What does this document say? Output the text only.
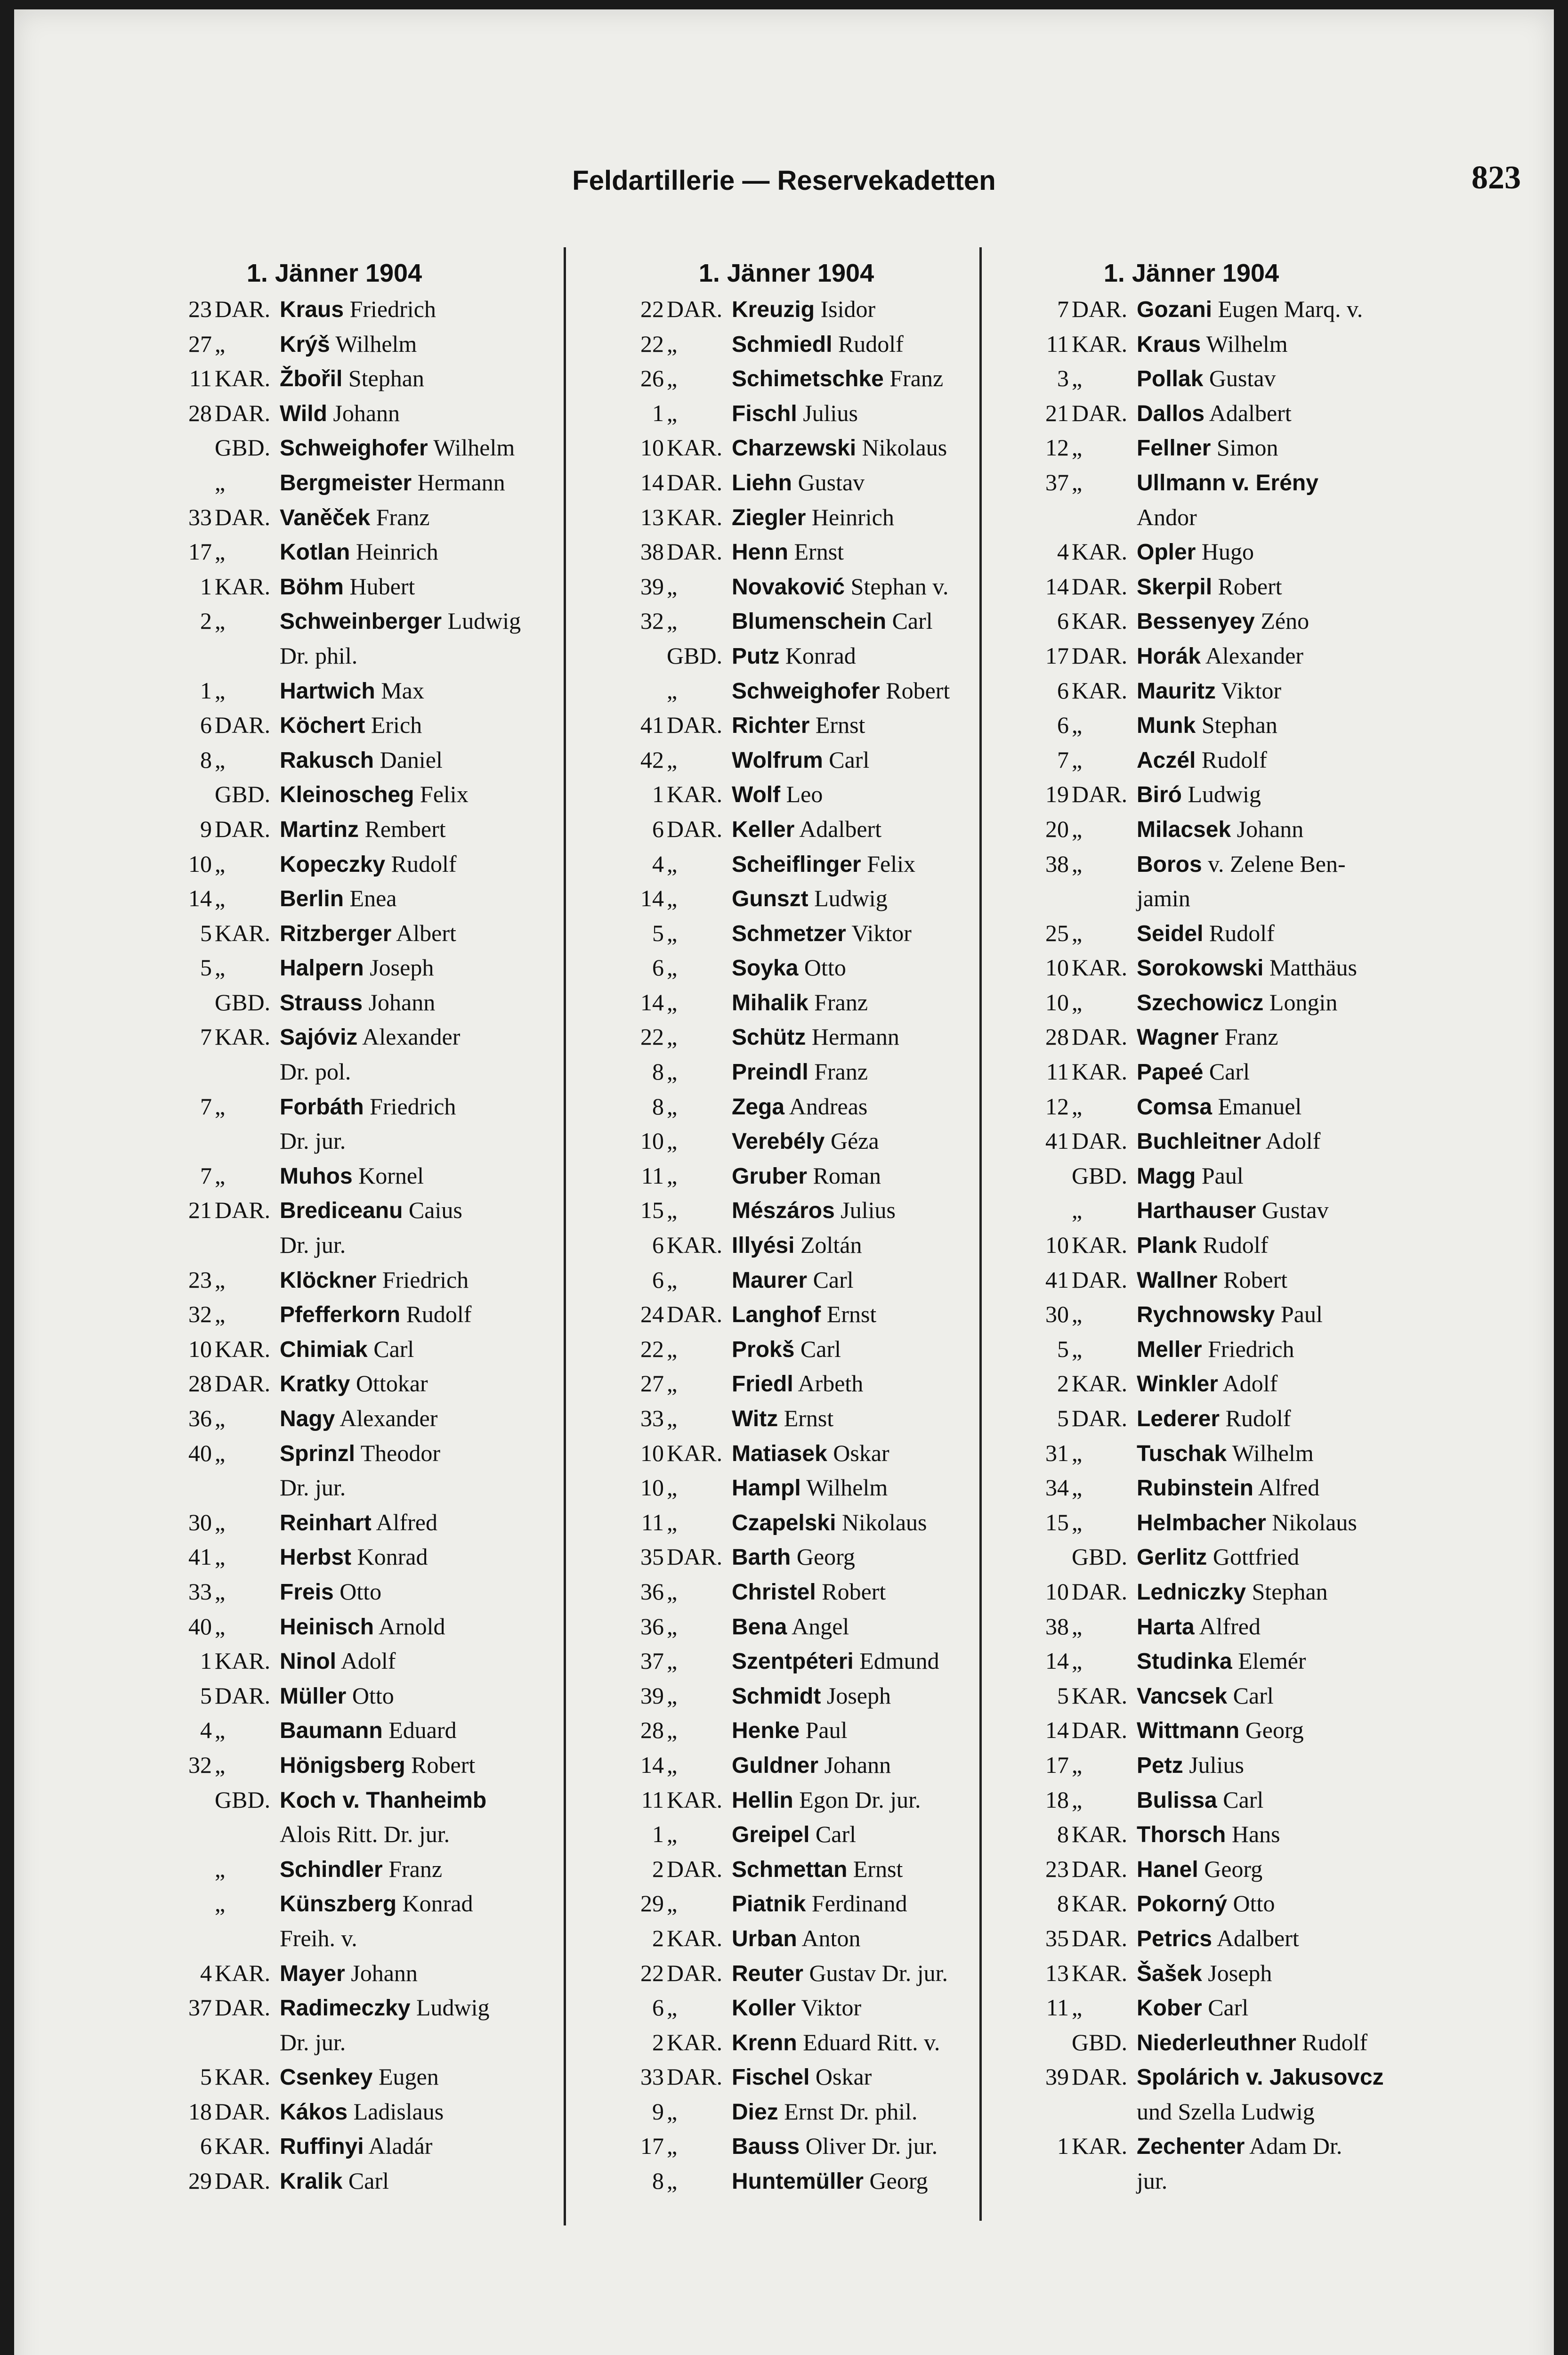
Feldartillerie — Reservekadetten	823
1. Jänner 1904
23 DAR. Kraus Friedrich
27 „ Krýš Wilhelm
11 KAR. Žbořil Stephan
28 DAR. Wild Johann
GBD. Schweighofer Wilhelm
„ Bergmeister Hermann
33 DAR. Vaněček Franz
17 „ Kotlan Heinrich
1 KAR. Böhm Hubert
2 „ Schweinberger Ludwig
Dr. phil.
1 „ Hartwich Max
6 DAR. Köchert Erich
8 „ Rakusch Daniel
GBD. Kleinoscheg Felix
9 DAR. Martinz Rembert
10 „ Kopeczky Rudolf
14 „ Berlin Enea
5 KAR. Ritzberger Albert
5 „ Halpern Joseph
GBD. Strauss Johann
7 KAR. Sajóviz Alexander
Dr. pol.
7 „ Forbáth Friedrich
Dr. jur.
7 „ Muhos Kornel
21 DAR. Brediceanu Caius
Dr. jur.
23 „ Klöckner Friedrich
32 „ Pfefferkorn Rudolf
10 KAR. Chimiak Carl
28 DAR. Kratky Ottokar
36 „ Nagy Alexander
40 „ Sprinzl Theodor
Dr. jur.
30 „ Reinhart Alfred
41 „ Herbst Konrad
33 „ Freis Otto
40 „ Heinisch Arnold
1 KAR. Ninol Adolf
5 DAR. Müller Otto
4 „ Baumann Eduard
32 „ Hönigsberg Robert
GBD. Koch v. Thanheimb
Alois Ritt. Dr. jur.
„ Schindler Franz
„ Künszberg Konrad
Freih. v.
4 KAR. Mayer Johann
37 DAR. Radimeczky Ludwig
Dr. jur.
5 KAR. Csenkey Eugen
18 DAR. Kákos Ladislaus
6 KAR. Ruffinyi Aladár
29 DAR. Kralik Carl
1. Jänner 1904
22 DAR. Kreuzig Isidor
22 „ Schmiedl Rudolf
26 „ Schimetschke Franz
1 „ Fischl Julius
10 KAR. Charzewski Nikolaus
14 DAR. Liehn Gustav
13 KAR. Ziegler Heinrich
38 DAR. Henn Ernst
39 „ Novaković Stephan v.
32 „ Blumenschein Carl
GBD. Putz Konrad
„ Schweighofer Robert
41 DAR. Richter Ernst
42 „ Wolfrum Carl
1 KAR. Wolf Leo
6 DAR. Keller Adalbert
4 „ Scheiflinger Felix
14 „ Gunszt Ludwig
5 „ Schmetzer Viktor
6 „ Soyka Otto
14 „ Mihalik Franz
22 „ Schütz Hermann
8 „ Preindl Franz
8 „ Zega Andreas
10 „ Verebély Géza
11 „ Gruber Roman
15 „ Mészáros Julius
6 KAR. Illyési Zoltán
6 „ Maurer Carl
24 DAR. Langhof Ernst
22 „ Prokš Carl
27 „ Friedl Arbeth
33 „ Witz Ernst
10 KAR. Matiasek Oskar
10 „ Hampl Wilhelm
11 „ Czapelski Nikolaus
35 DAR. Barth Georg
36 „ Christel Robert
36 „ Bena Angel
37 „ Szentpéteri Edmund
39 „ Schmidt Joseph
28 „ Henke Paul
14 „ Guldner Johann
11 KAR. Hellin Egon Dr. jur.
1 „ Greipel Carl
2 DAR. Schmettan Ernst
29 „ Piatnik Ferdinand
2 KAR. Urban Anton
22 DAR. Reuter Gustav Dr. jur.
6 „ Koller Viktor
2 KAR. Krenn Eduard Ritt. v.
33 DAR. Fischel Oskar
9 „ Diez Ernst Dr. phil.
17 „ Bauss Oliver Dr. jur.
8 „ Huntemüller Georg
1. Jänner 1904
7 DAR. Gozani Eugen Marq. v.
11 KAR. Kraus Wilhelm
3 „ Pollak Gustav
21 DAR. Dallos Adalbert
12 „ Fellner Simon
37 „ Ullmann v. Erény
Andor
4 KAR. Opler Hugo
14 DAR. Skerpil Robert
6 KAR. Bessenyey Zéno
17 DAR. Horák Alexander
6 KAR. Mauritz Viktor
6 „ Munk Stephan
7 „ Aczél Rudolf
19 DAR. Biró Ludwig
20 „ Milacsek Johann
38 „ Boros v. Zelene Ben-
jamin
25 „ Seidel Rudolf
10 KAR. Sorokowski Matthäus
10 „ Szechowicz Longin
28 DAR. Wagner Franz
11 KAR. Papeé Carl
12 „ Comsa Emanuel
41 DAR. Buchleitner Adolf
GBD. Magg Paul
„ Harthauser Gustav
10 KAR. Plank Rudolf
41 DAR. Wallner Robert
30 „ Rychnowsky Paul
5 „ Meller Friedrich
2 KAR. Winkler Adolf
5 DAR. Lederer Rudolf
31 „ Tuschak Wilhelm
34 „ Rubinstein Alfred
15 „ Helmbacher Nikolaus
GBD. Gerlitz Gottfried
10 DAR. Ledniczky Stephan
38 „ Harta Alfred
14 „ Studinka Elemér
5 KAR. Vancsek Carl
14 DAR. Wittmann Georg
17 „ Petz Julius
18 „ Bulissa Carl
8 KAR. Thorsch Hans
23 DAR. Hanel Georg
8 KAR. Pokorný Otto
35 DAR. Petrics Adalbert
13 KAR. Šašek Joseph
11 „ Kober Carl
GBD. Niederleuthner Rudolf
39 DAR. Spolárich v. Jakusovcz
und Szella Ludwig
1 KAR. Zechenter Adam Dr.
jur.
